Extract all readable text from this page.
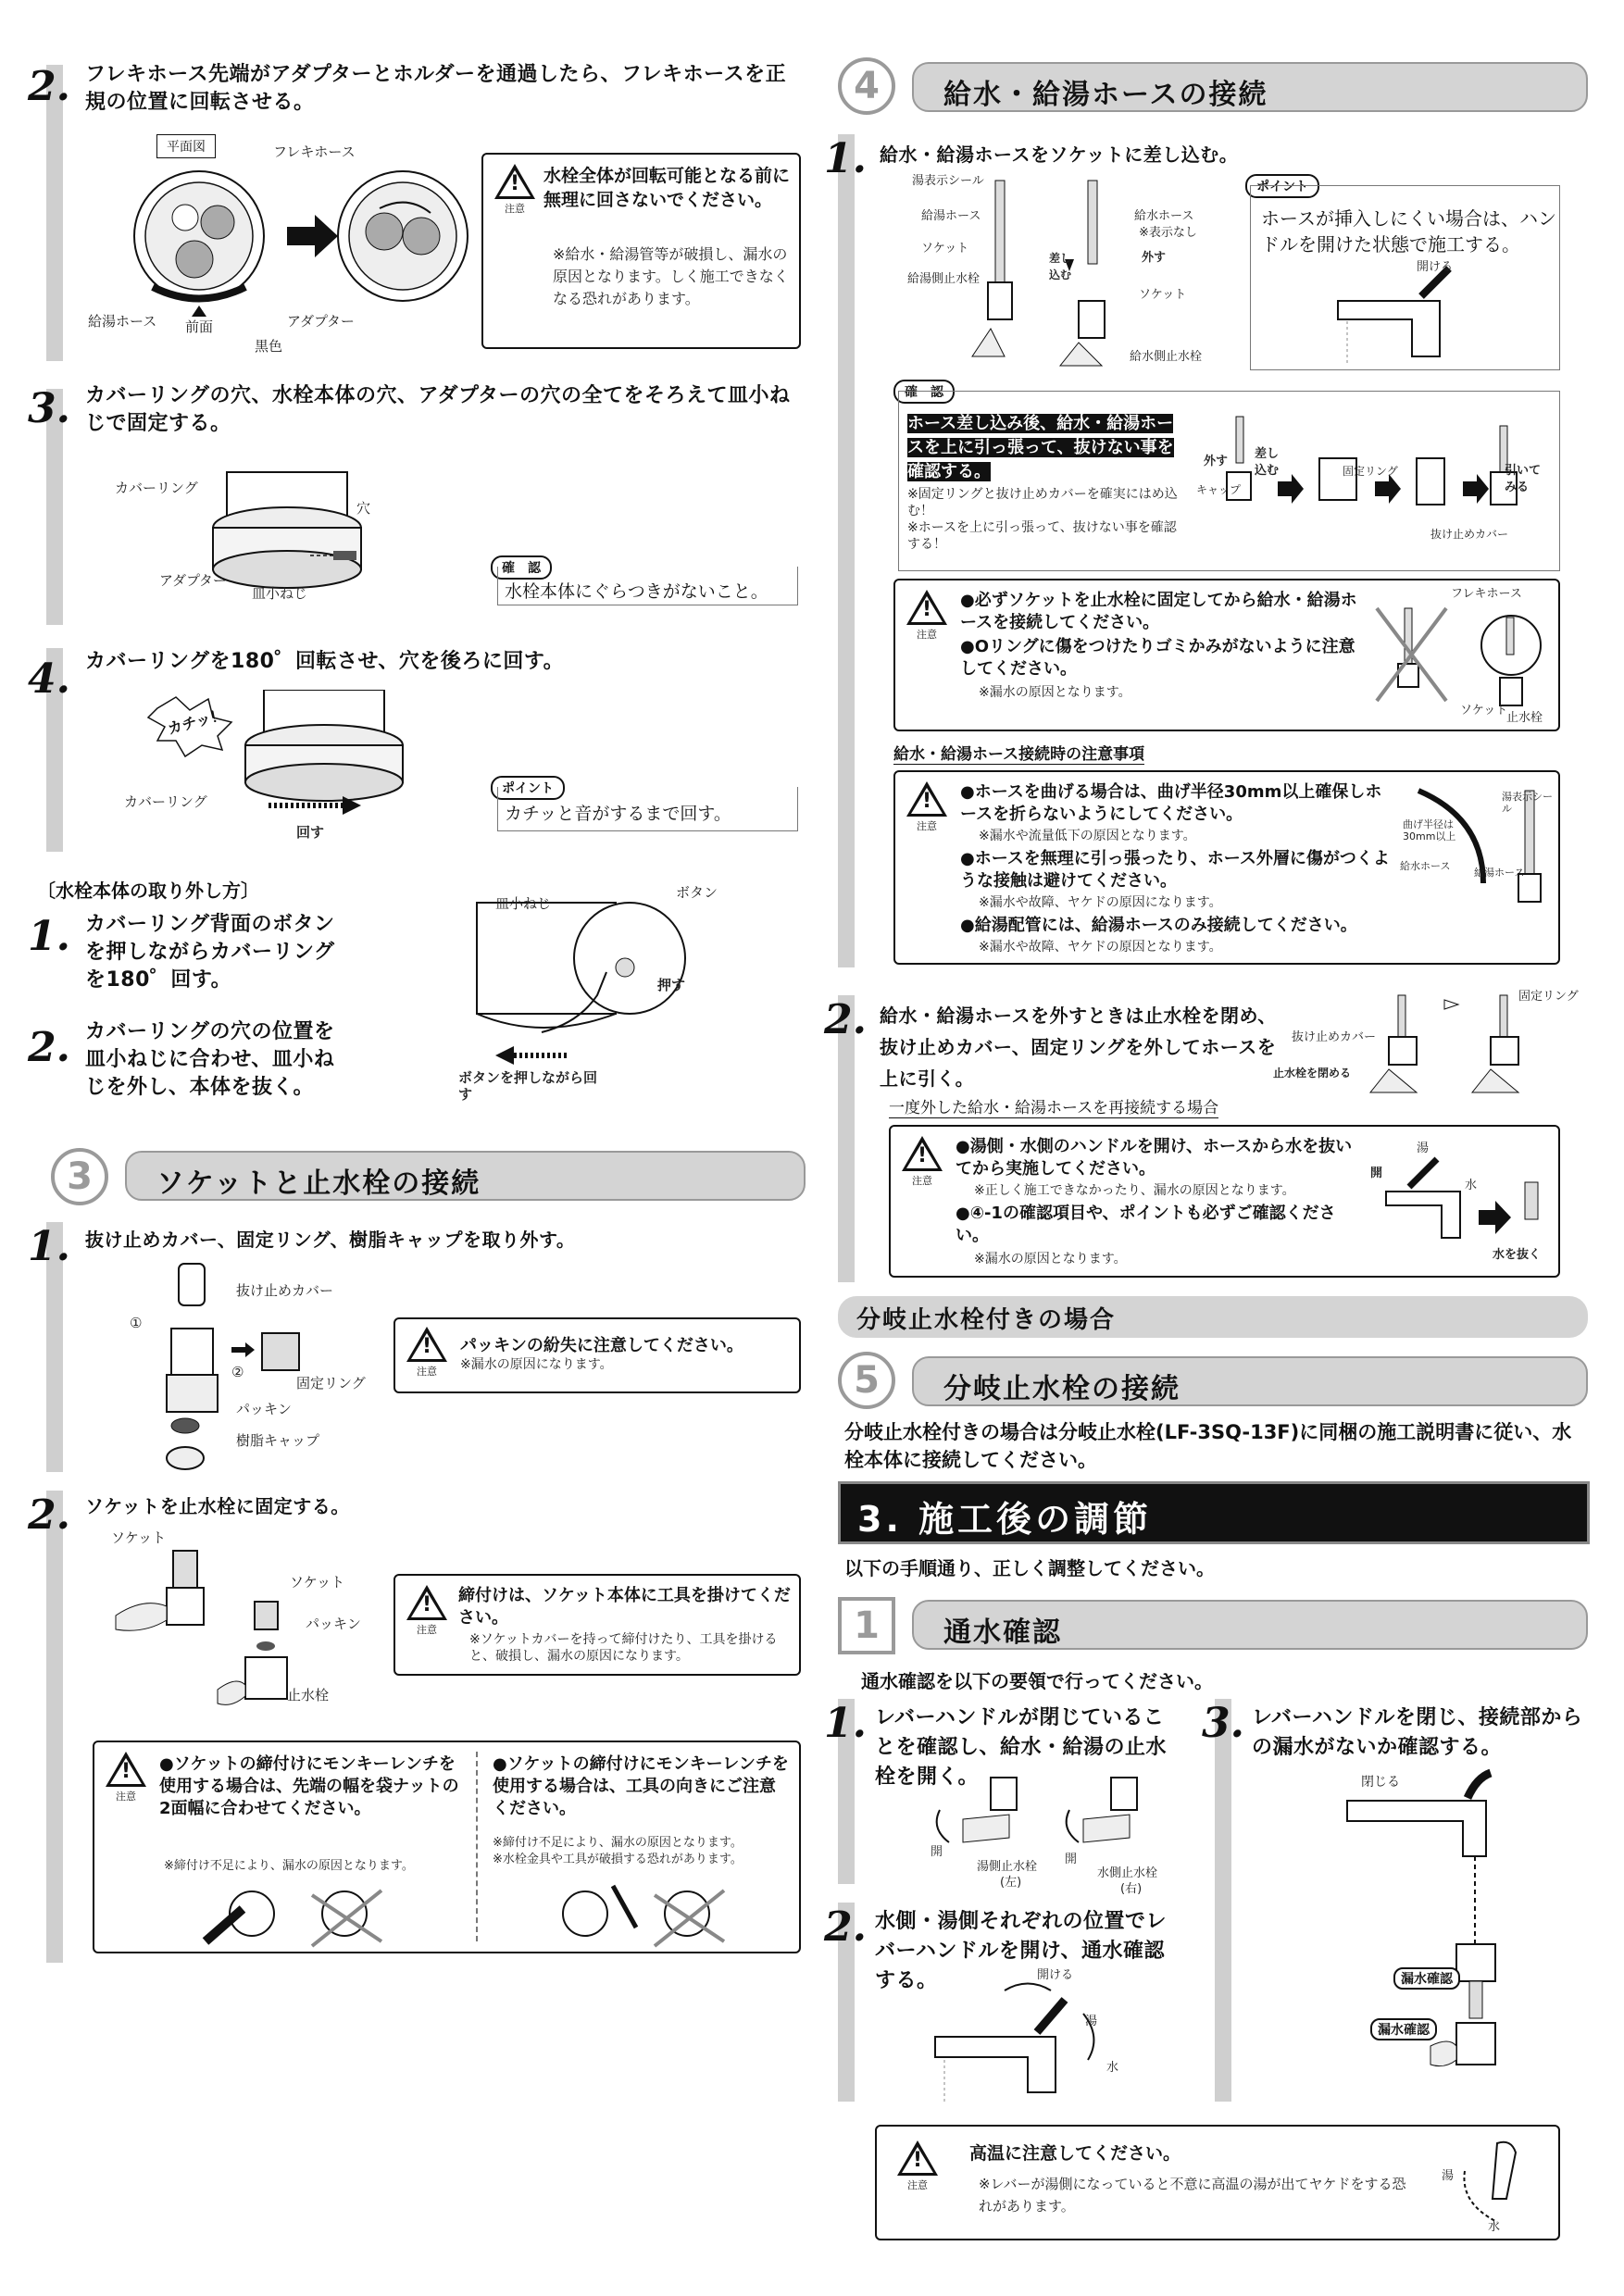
2. フレキホース先端がアダプターとホルダーを通過したら、フレキホースを正規の位置に回転させる。
平面図	フレキホース
給湯ホース 前面	アダプター
黒色
!
注意
水栓全体が回転可能となる前に無理に回さないでください。
※給水・給湯管等が破損し、漏水の原因となります。しく施工できなくなる恐れがあります。
3. カバーリングの穴、水栓本体の穴、アダプターの穴の全てをそろえて皿小ねじで固定する。
カバーリング
穴
アダプター
皿小ねじ
確　認
水栓本体にぐらつきがないこと。
4. カバーリングを180゜回転させ、穴を後ろに回す。
カチッ！
カバーリング
回す
ポイント
カチッと音がするまで回す。
〔水栓本体の取り外し方〕
1. カバーリング背面のボタンを押しながらカバーリングを180゜回す。
2. カバーリングの穴の位置を皿小ねじに合わせ、皿小ねじを外し、本体を抜く。
皿小ねじ
ボタン
押す
ボタンを押しながら回す
3	ソケットと止水栓の接続
1. 抜け止めカバー、固定リング、樹脂キャップを取り外す。
抜け止めカバー
①
②
固定リング
パッキン
樹脂キャップ
!
注意
パッキンの紛失に注意してください。
※漏水の原因になります。
2. ソケットを止水栓に固定する。
ソケット
ソケット
パッキン
止水栓
!
注意
締付けは、ソケット本体に工具を掛けてください。
※ソケットカバーを持って締付けたり、工具を掛けると、破損し、漏水の原因になります。
!
注意
●ソケットの締付けにモンキーレンチを使用する場合は、先端の幅を袋ナットの2面幅に合わせてください。
※締付け不足により、漏水の原因となります。
●ソケットの締付けにモンキーレンチを使用する場合は、工具の向きにご注意ください。
※締付け不足により、漏水の原因となります。
※水栓金具や工具が破損する恐れがあります。
4	給水・給湯ホースの接続
1. 給水・給湯ホースをソケットに差し込む。
湯表示シール
給湯ホース
ソケット
給湯側止水栓
給水ホース
※表示なし
差し込む
外す
ソケット
給水側止水栓
ポイント
ホースが挿入しにくい場合は、ハンドルを開けた状態で施工する。
開ける
確　認
ホース差し込み後、給水・給湯ホースを上に引っ張って、抜けない事を確認する。
※固定リングと抜け止めカバーを確実にはめ込む！
※ホースを上に引っ張って、抜けない事を確認する！
外す
差し込む
キャップ
固定リング
抜け止めカバー
引いてみる
!
注意
●必ずソケットを止水栓に固定してから給水・給湯ホースを接続してください。
●Oリングに傷をつけたりゴミかみがないように注意してください。
※漏水の原因となります。
フレキホース
ソケット
止水栓
給水・給湯ホース接続時の注意事項
!
注意
●ホースを曲げる場合は、曲げ半径30mm以上確保しホースを折らないようにしてください。
※漏水や流量低下の原因となります。
●ホースを無理に引っ張ったり、ホース外層に傷がつくような接触は避けてください。
※漏水や故障、ヤケドの原因になります。
●給湯配管には、給湯ホースのみ接続してください。
※漏水や故障、ヤケドの原因となります。
曲げ半径は30mm以上
給水ホース
給湯ホース
湯表示シール
2. 給水・給湯ホースを外すときは止水栓を閉め、抜け止めカバー、固定リングを外してホースを上に引く。
抜け止めカバー
固定リング
止水栓を閉める
一度外した給水・給湯ホースを再接続する場合
!
注意
●湯側・水側のハンドルを開け、ホースから水を抜いてから実施してください。
※正しく施工できなかったり、漏水の原因となります。
●④-1の確認項目や、ポイントも必ずご確認ください。
※漏水の原因となります。
湯
開
水
水を抜く
分岐止水栓付きの場合
5	分岐止水栓の接続
分岐止水栓付きの場合は分岐止水栓(LF-3SQ-13F)に同梱の施工説明書に従い、水栓本体に接続してください。
3. 施工後の調節
以下の手順通り、正しく調整してください。
1	通水確認
通水確認を以下の要領で行ってください。
1. レバーハンドルが閉じていることを確認し、給水・給湯の止水栓を開く。
開
開
湯側止水栓
(左)
水側止水栓
(右)
2. 水側・湯側それぞれの位置でレバーハンドルを開け、通水確認する。	開ける
湯
水
3. レバーハンドルを閉じ、接続部からの漏水がないか確認する。
閉じる
漏水確認
漏水確認
!
注意
高温に注意してください。
※レバーが湯側になっていると不意に高温の湯が出てヤケドをする恐れがあります。
湯
水
